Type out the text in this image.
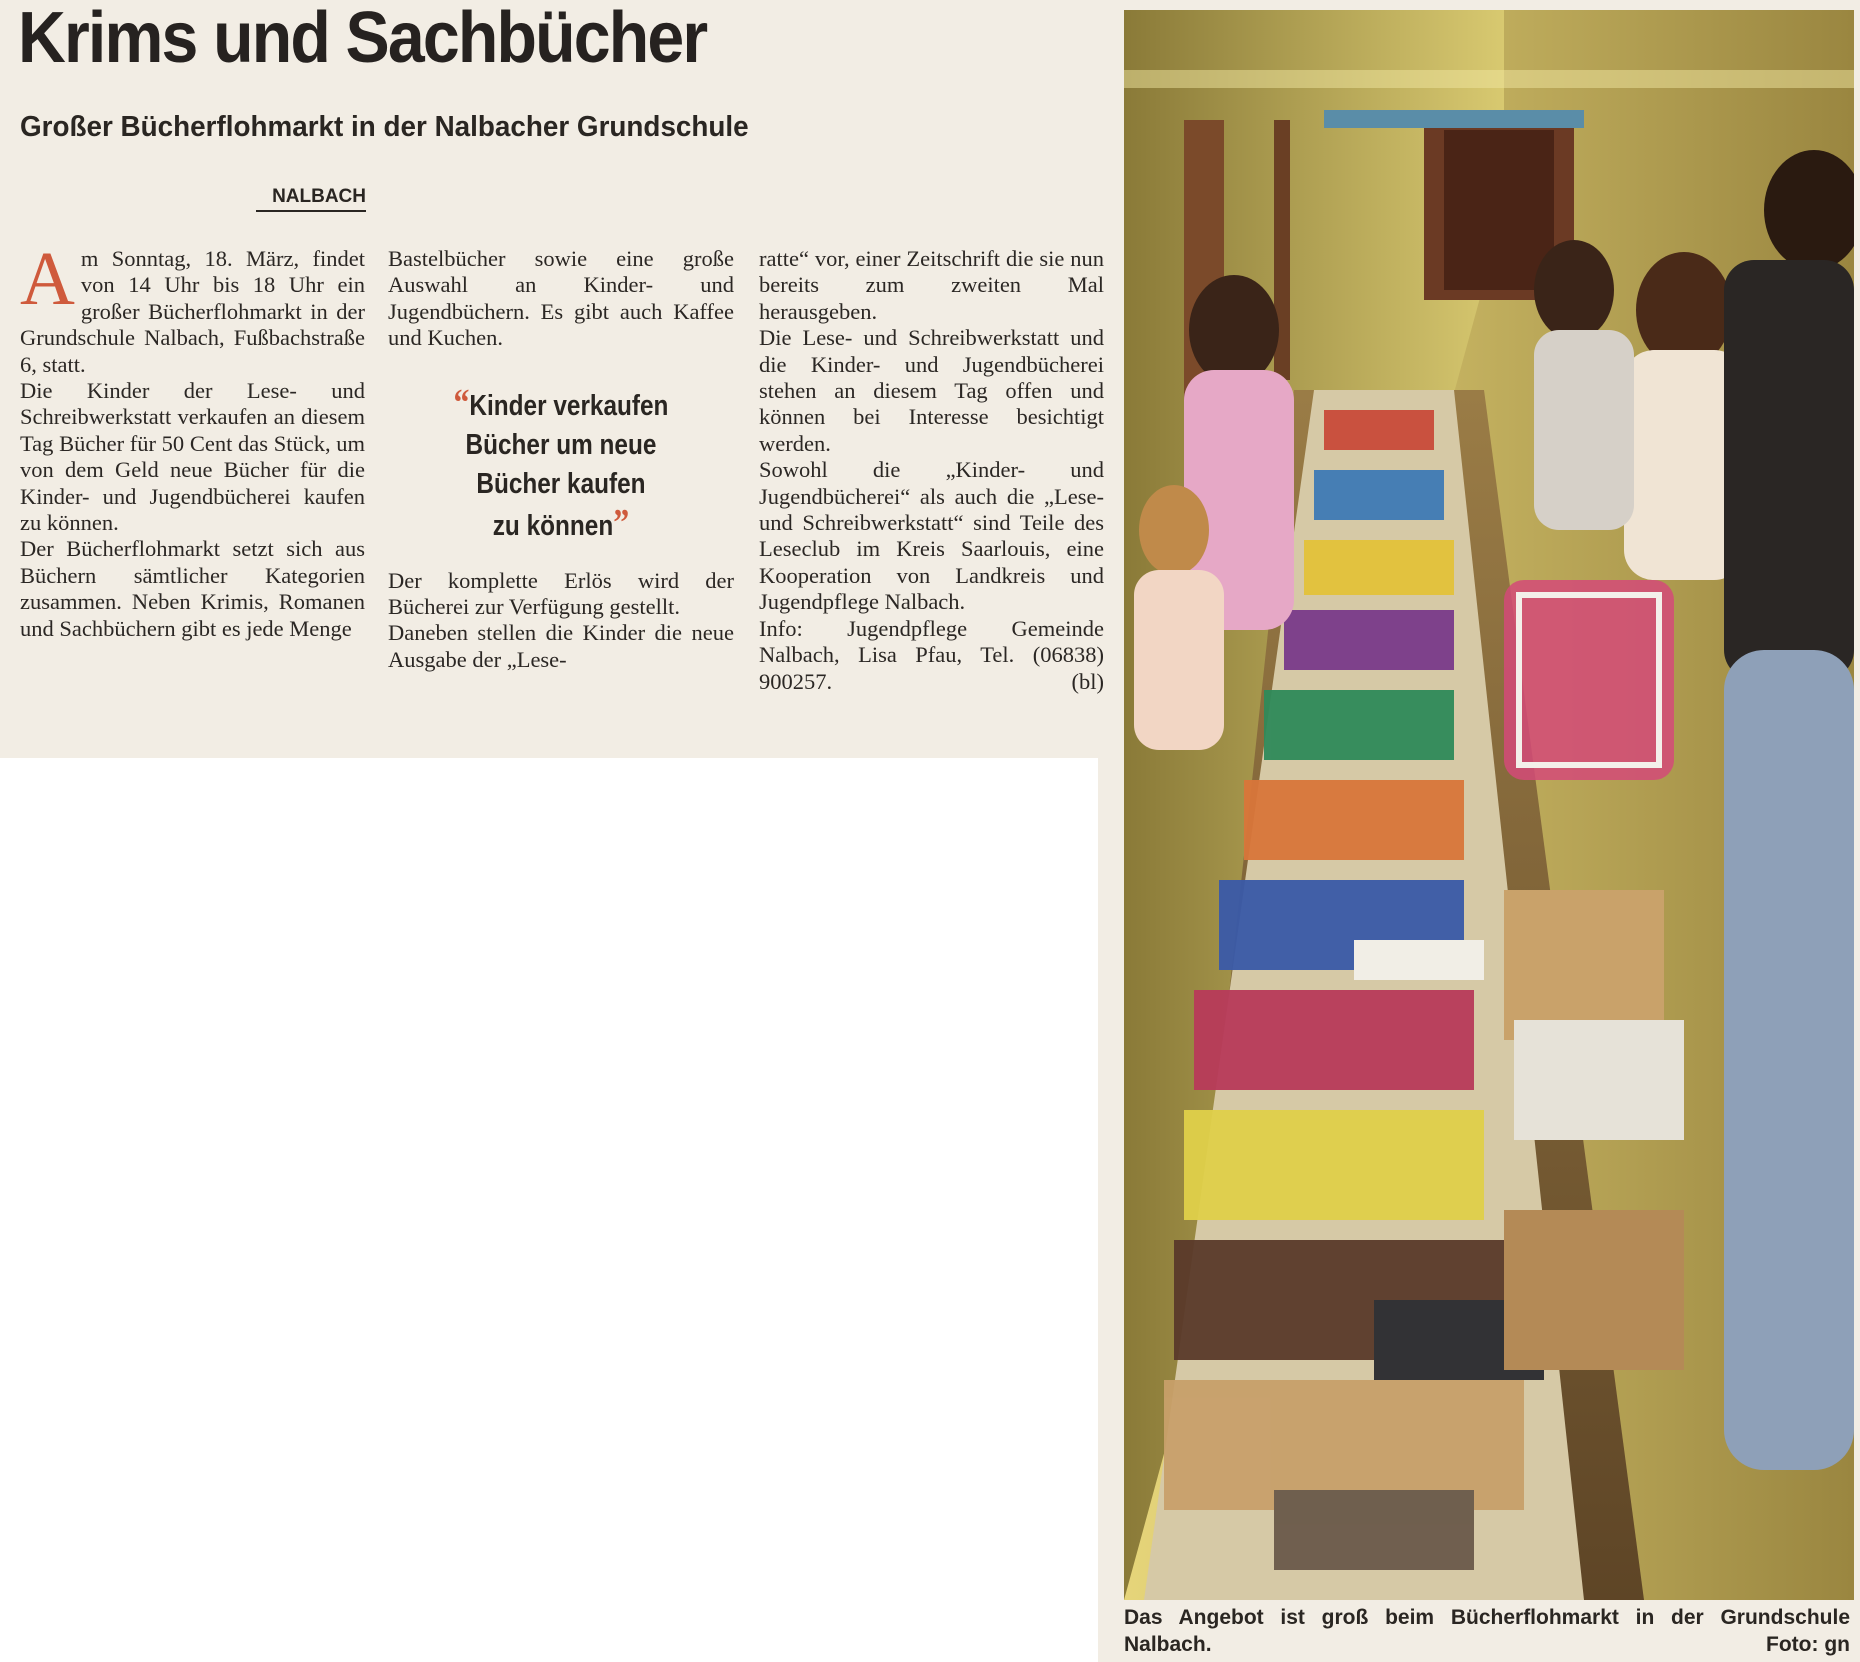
Krims und Sachbücher
Großer Bücherflohmarkt in der Nalbacher Grundschule
NALBACH
A m Sonntag, 18. März, findet von 14 Uhr bis 18 Uhr ein großer Bücherflohmarkt in der Grundschule Nalbach, Fußbachstraße 6, statt.

Die Kinder der Lese- und Schreibwerkstatt verkaufen an diesem Tag Bücher für 50 Cent das Stück, um von dem Geld neue Bücher für die Kinder- und Jugendbücherei kaufen zu können.

Der Bücherflohmarkt setzt sich aus Büchern sämtlicher Kategorien zusammen. Neben Krimis, Romanen und Sachbüchern gibt es jede Menge

Bastelbücher sowie eine große Auswahl an Kinder- und Jugendbüchern. Es gibt auch Kaffee und Kuchen.

“Kinder verkaufen
Bücher um neue
Bücher kaufen
zu können”

Der komplette Erlös wird der Bücherei zur Verfügung gestellt.

Daneben stellen die Kinder die neue Ausgabe der „Lese-

ratte“ vor, einer Zeitschrift die sie nun bereits zum zweiten Mal herausgeben.

Die Lese- und Schreibwerkstatt und die Kinder- und Jugendbücherei stehen an diesem Tag offen und können bei Interesse besichtigt werden.

Sowohl die „Kinder- und Jugendbücherei“ als auch die „Lese- und Schreibwerkstatt“ sind Teile des Leseclub im Kreis Saarlouis, eine Kooperation von Landkreis und Jugendpflege Nalbach.

Info: Jugendpflege Gemeinde Nalbach, Lisa Pfau, Tel. (06838) 900257.	(bl)

Das Angebot ist groß beim Bücherflohmarkt in der Grundschule Nalbach.	Foto: gn
